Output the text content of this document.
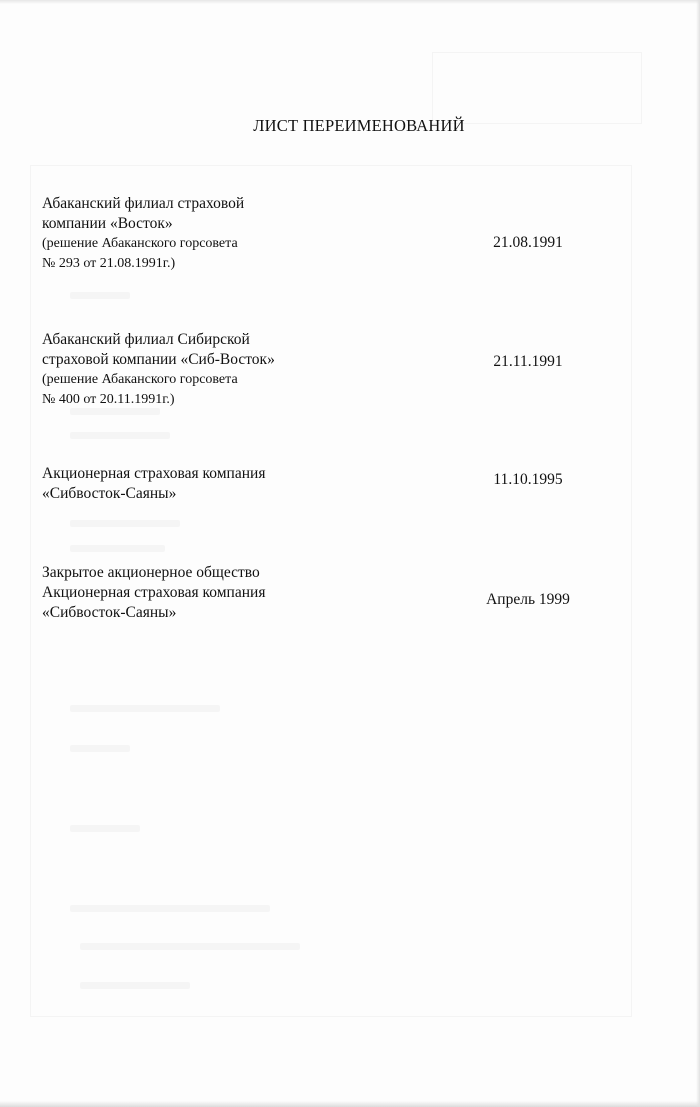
ЛИСТ ПЕРЕИМЕНОВАНИЙ
Абаканский филиал страховой
компании «Восток»
(решение Абаканского горсовета
№ 293 от 21.08.1991г.)
21.08.1991
Абаканский филиал Сибирской
страховой компании «Сиб-Восток»
(решение Абаканского горсовета
№ 400 от 20.11.1991г.)
21.11.1991
Акционерная страховая компания
«Сибвосток-Саяны»
11.10.1995
Закрытое акционерное общество
Акционерная страховая компания
«Сибвосток-Саяны»
Апрель 1999
